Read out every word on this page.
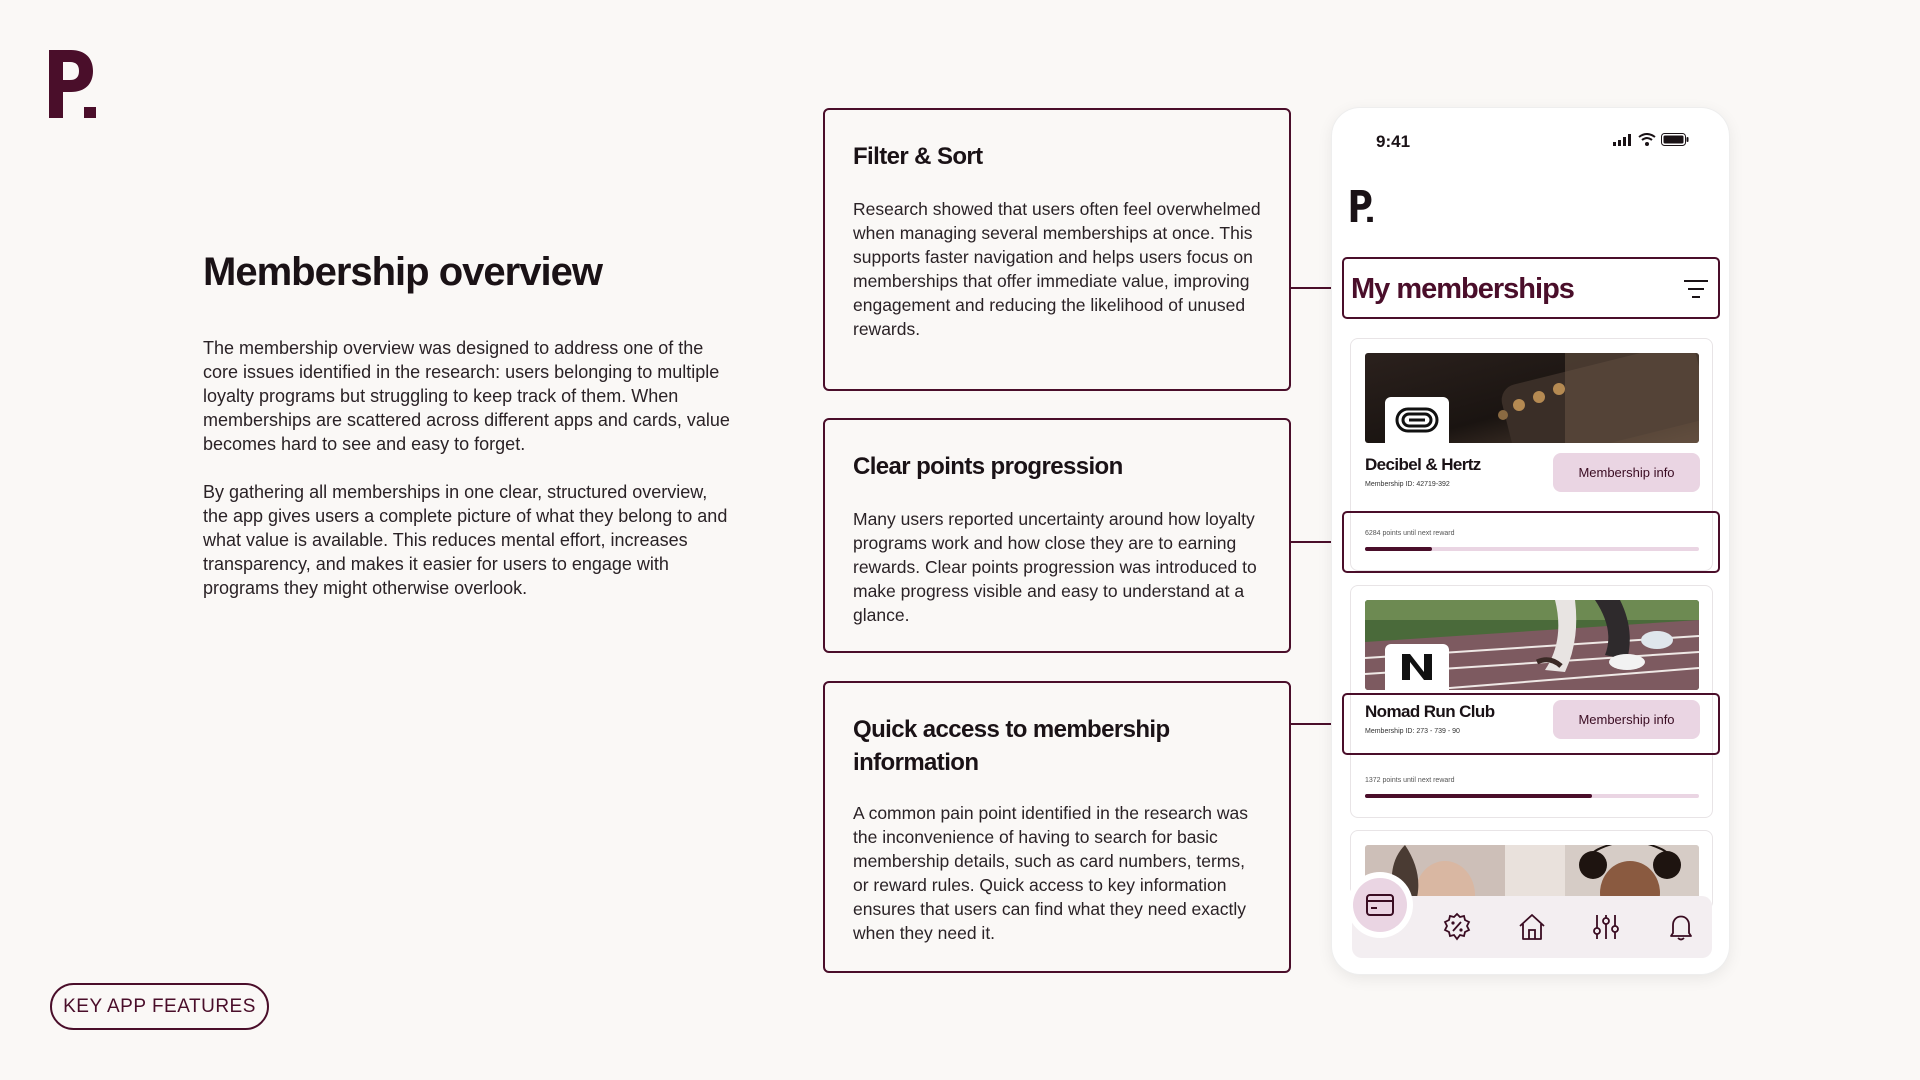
Membership overview

The membership overview was designed to address one of the core issues identified in the research: users belonging to multiple loyalty programs but struggling to keep track of them. When memberships are scattered across different apps and cards, value becomes hard to see and easy to forget.

By gathering all memberships in one clear, structured overview, the app gives users a complete picture of what they belong to and what value is available. This reduces mental effort, increases transparency, and makes it easier for users to engage with programs they might otherwise overlook.

KEY APP FEATURES
Filter & Sort

Research showed that users often feel overwhelmed when managing several memberships at once. This supports faster navigation and helps users focus on memberships that offer immediate value, improving engagement and reducing the likelihood of unused rewards.

Clear points progression

Many users reported uncertainty around how loyalty programs work and how close they are to earning rewards. Clear points progression was introduced to make progress visible and easy to understand at a glance.

Quick access to membership information

A common pain point identified in the research was the inconvenience of having to search for basic membership details, such as card numbers, terms, or reward rules. Quick access to key information ensures that users can find what they need exactly when they need it.

9:41
Decibel & Hertz
Membership ID: 42719-392
Membership info
6284 points until next reward
Nomad Run Club
Membership ID: 273 - 739 - 90
Membership info
1372 points until next reward
My memberships
